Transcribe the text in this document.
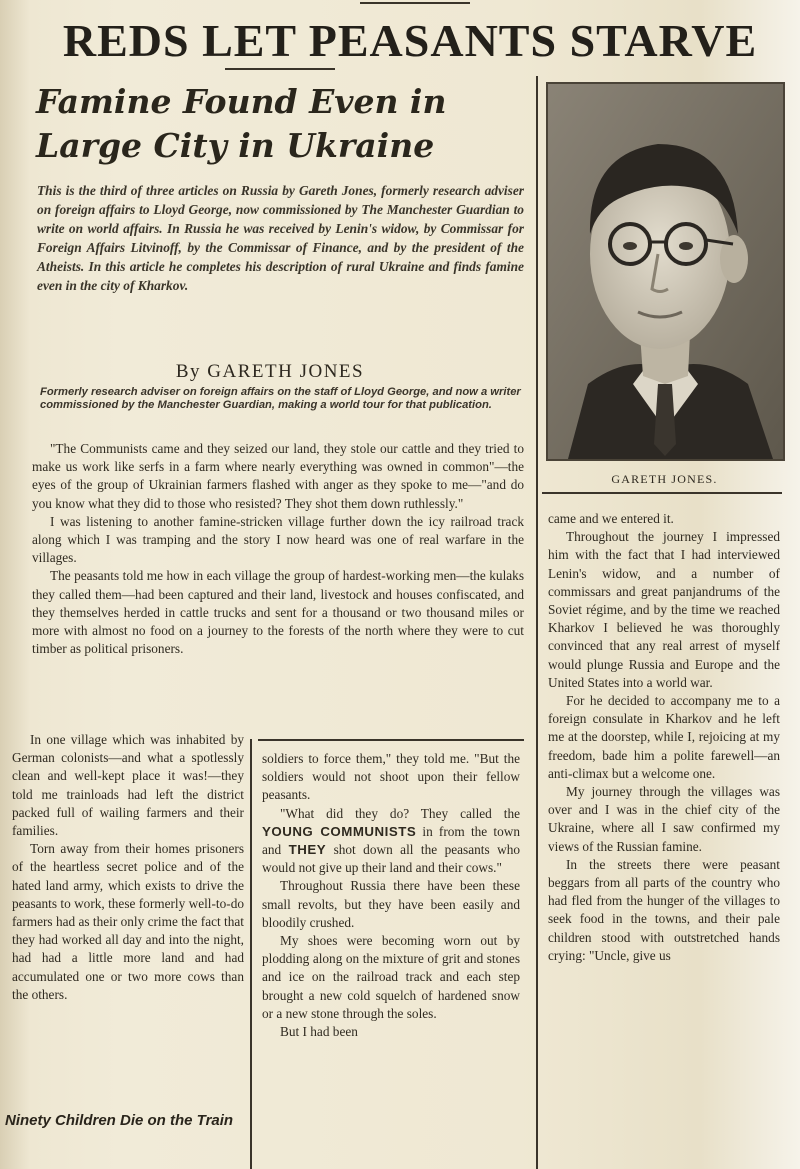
REDS LET PEASANTS STARVE
Famine Found Even in
Large City in Ukraine
This is the third of three articles on Russia by Gareth Jones, formerly research adviser on foreign affairs to Lloyd George, now commissioned by The Manchester Guardian to write on world affairs. In Russia he was received by Lenin's widow, by Commissar for Foreign Affairs Litvinoff, by the Commissar of Finance, and by the president of the Atheists. In this article he completes his description of rural Ukraine and finds famine even in the city of Kharkov.
By GARETH JONES
Formerly research adviser on foreign affairs on the staff of Lloyd George, and now a writer commissioned by the Manchester Guardian, making a world tour for that publication.
GARETH JONES.

"The Communists came and they seized our land, they stole our cattle and they tried to make us work like serfs in a farm where nearly everything was owned in common"—the eyes of the group of Ukrainian farmers flashed with anger as they spoke to me—"and do you know what they did to those who resisted? They shot them down ruthlessly."

I was listening to another famine-stricken village further down the icy railroad track along which I was tramping and the story I now heard was one of real warfare in the villages.

The peasants told me how in each village the group of hardest-working men—the kulaks they called them—had been captured and their land, livestock and houses confiscated, and they themselves herded in cattle trucks and sent for a thousand or two thousand miles or more with almost no food on a journey to the forests of the north where they were to cut timber as political prisoners.

In one village which was inhabited by German colonists—and what a spotlessly clean and well-kept place it was!—they told me trainloads had left the district packed full of wailing farmers and their families.

Torn away from their homes prisoners of the heartless secret police and of the hated land army, which exists to drive the peasants to work, these formerly well-to-do farmers had as their only crime the fact that they had worked all day and into the night, had had a little more land and had accumulated one or two more cows than the others.

Ninety Children Die on the Train

soldiers to force them," they told me. "But the soldiers would not shoot upon their fellow peasants.

"What did they do? They called the YOUNG COMMUNISTS in from the town and THEY shot down all the peasants who would not give up their land and their cows."

Throughout Russia there have been these small revolts, but they have been easily and bloodily crushed.

My shoes were becoming worn out by plodding along on the mixture of grit and stones and ice on the railroad track and each step brought a new cold squelch of hardened snow or a new stone through the soles.

But I had been

came and we entered it.

Throughout the journey I impressed him with the fact that I had interviewed Lenin's widow, and a number of commissars and great panjandrums of the Soviet régime, and by the time we reached Kharkov I believed he was thoroughly convinced that any real arrest of myself would plunge Russia and Europe and the United States into a world war.

For he decided to accompany me to a foreign consulate in Kharkov and he left me at the doorstep, while I, rejoicing at my freedom, bade him a polite farewell—an anti-climax but a welcome one.

My journey through the villages was over and I was in the chief city of the Ukraine, where all I saw confirmed my views of the Russian famine.

In the streets there were peasant beggars from all parts of the country who had fled from the hunger of the villages to seek food in the towns, and their pale children stood with outstretched hands crying: "Uncle, give us
